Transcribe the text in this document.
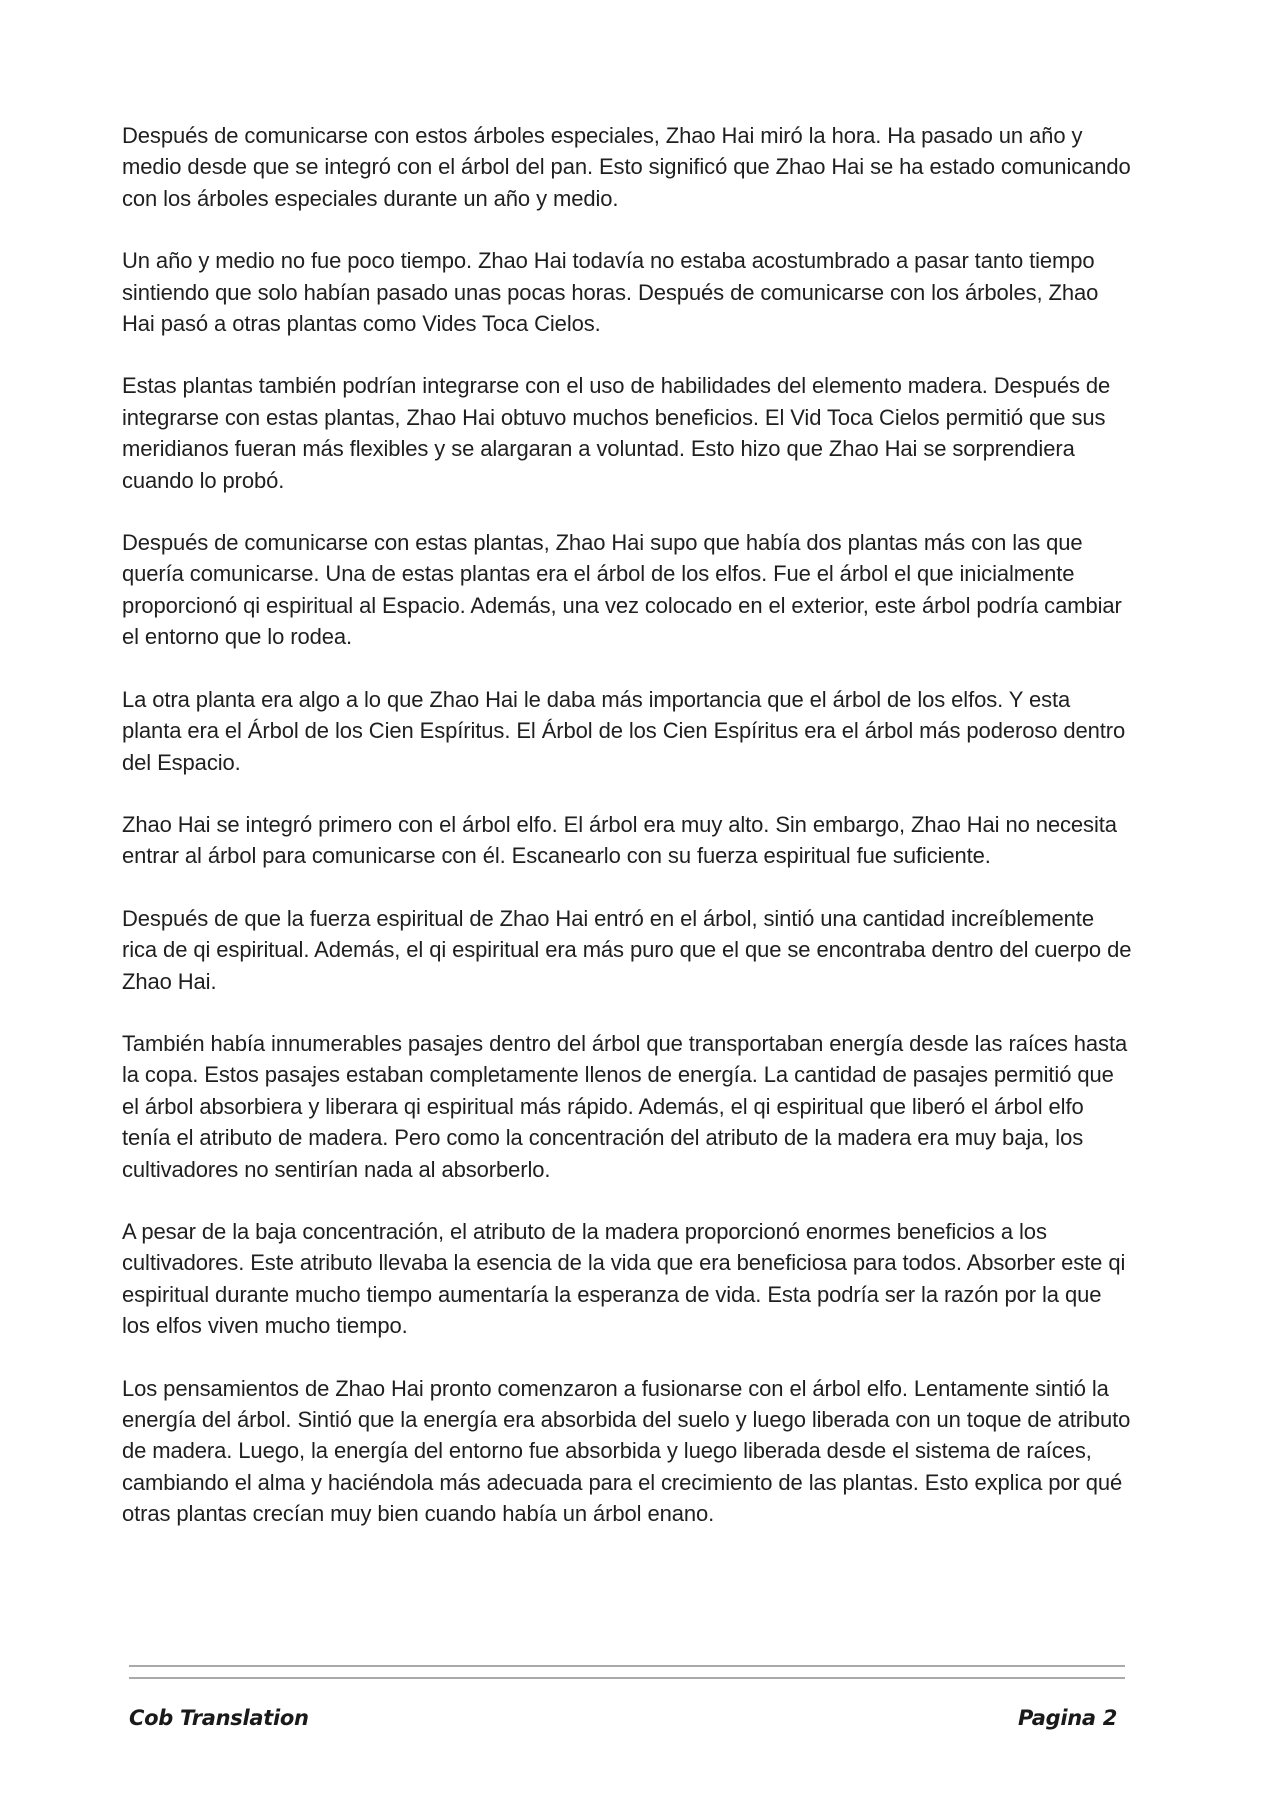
Después de comunicarse con estos árboles especiales, Zhao Hai miró la hora. Ha pasado un año y medio desde que se integró con el árbol del pan. Esto significó que Zhao Hai se ha estado comunicando con los árboles especiales durante un año y medio.

Un año y medio no fue poco tiempo. Zhao Hai todavía no estaba acostumbrado a pasar tanto tiempo sintiendo que solo habían pasado unas pocas horas. Después de comunicarse con los árboles, Zhao Hai pasó a otras plantas como Vides Toca Cielos.

Estas plantas también podrían integrarse con el uso de habilidades del elemento madera. Después de integrarse con estas plantas, Zhao Hai obtuvo muchos beneficios. El Vid Toca Cielos permitió que sus meridianos fueran más flexibles y se alargaran a voluntad. Esto hizo que Zhao Hai se sorprendiera cuando lo probó.

Después de comunicarse con estas plantas, Zhao Hai supo que había dos plantas más con las que quería comunicarse. Una de estas plantas era el árbol de los elfos. Fue el árbol el que inicialmente proporcionó qi espiritual al Espacio. Además, una vez colocado en el exterior, este árbol podría cambiar el entorno que lo rodea.

La otra planta era algo a lo que Zhao Hai le daba más importancia que el árbol de los elfos. Y esta planta era el Árbol de los Cien Espíritus. El Árbol de los Cien Espíritus era el árbol más poderoso dentro del Espacio.

Zhao Hai se integró primero con el árbol elfo. El árbol era muy alto. Sin embargo, Zhao Hai no necesita entrar al árbol para comunicarse con él. Escanearlo con su fuerza espiritual fue suficiente.

Después de que la fuerza espiritual de Zhao Hai entró en el árbol, sintió una cantidad increíblemente rica de qi espiritual. Además, el qi espiritual era más puro que el que se encontraba dentro del cuerpo de Zhao Hai.

También había innumerables pasajes dentro del árbol que transportaban energía desde las raíces hasta la copa. Estos pasajes estaban completamente llenos de energía. La cantidad de pasajes permitió que el árbol absorbiera y liberara qi espiritual más rápido. Además, el qi espiritual que liberó el árbol elfo tenía el atributo de madera. Pero como la concentración del atributo de la madera era muy baja, los cultivadores no sentirían nada al absorberlo.

A pesar de la baja concentración, el atributo de la madera proporcionó enormes beneficios a los cultivadores. Este atributo llevaba la esencia de la vida que era beneficiosa para todos. Absorber este qi espiritual durante mucho tiempo aumentaría la esperanza de vida. Esta podría ser la razón por la que los elfos viven mucho tiempo.

Los pensamientos de Zhao Hai pronto comenzaron a fusionarse con el árbol elfo. Lentamente sintió la energía del árbol. Sintió que la energía era absorbida del suelo y luego liberada con un toque de atributo de madera. Luego, la energía del entorno fue absorbida y luego liberada desde el sistema de raíces, cambiando el alma y haciéndola más adecuada para el crecimiento de las plantas. Esto explica por qué otras plantas crecían muy bien cuando había un árbol enano.

Cob Translation	Pagina 2
